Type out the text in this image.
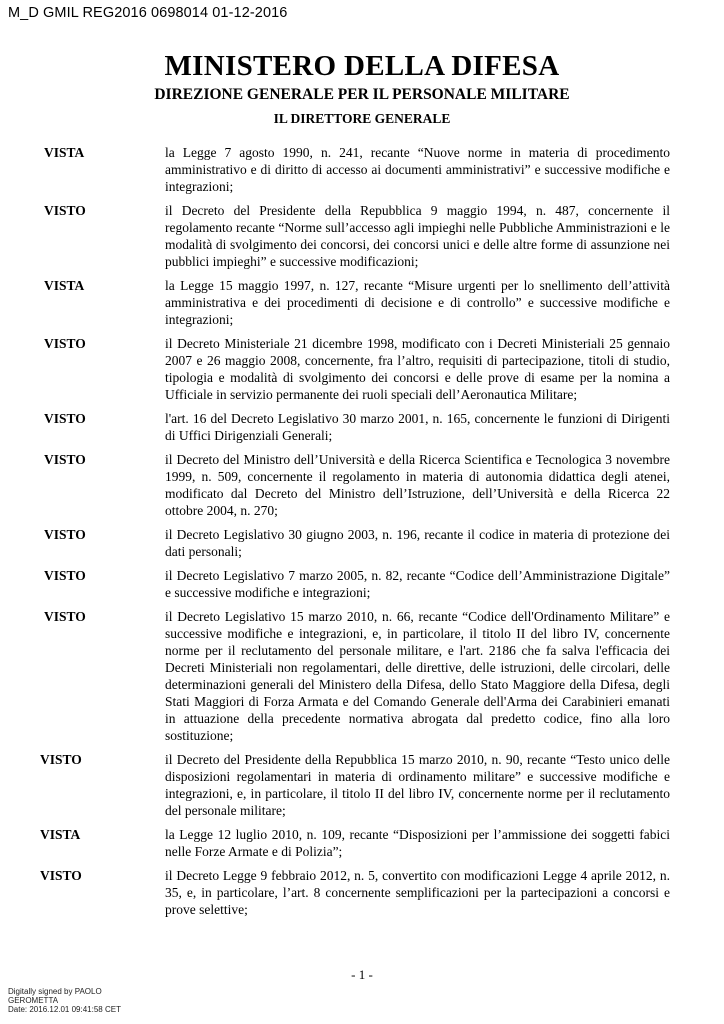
M_D GMIL REG2016 0698014 01-12-2016
MINISTERO DELLA DIFESA
DIREZIONE GENERALE PER IL PERSONALE MILITARE
IL DIRETTORE GENERALE
VISTA	la Legge 7 agosto 1990, n. 241, recante “Nuove norme in materia di procedimento amministrativo e di diritto di accesso ai documenti amministrativi” e successive modifiche e integrazioni;
VISTO	il Decreto del Presidente della Repubblica 9 maggio 1994, n. 487, concernente il regolamento recante “Norme sull’accesso agli impieghi nelle Pubbliche Amministrazioni e le modalità di svolgimento dei concorsi, dei concorsi unici e delle altre forme di assunzione nei pubblici impieghi” e successive modificazioni;
VISTA	la Legge 15 maggio 1997, n. 127, recante “Misure urgenti per lo snellimento dell’attività amministrativa e dei procedimenti di decisione e di controllo” e successive modifiche e integrazioni;
VISTO	il Decreto Ministeriale 21 dicembre 1998, modificato con i Decreti Ministeriali 25 gennaio 2007 e 26 maggio 2008, concernente, fra l’altro, requisiti di partecipazione, titoli di studio, tipologia e modalità di svolgimento dei concorsi e delle prove di esame per la nomina a Ufficiale in servizio permanente dei ruoli speciali dell’Aeronautica Militare;
VISTO	l'art. 16 del Decreto Legislativo 30 marzo 2001, n. 165, concernente le funzioni di Dirigenti di Uffici Dirigenziali Generali;
VISTO	il Decreto del Ministro dell’Università e della Ricerca Scientifica e Tecnologica 3 novembre 1999, n. 509, concernente il regolamento in materia di autonomia didattica degli atenei, modificato dal Decreto del Ministro dell’Istruzione, dell’Università e della Ricerca 22 ottobre 2004, n. 270;
VISTO	il Decreto Legislativo 30 giugno 2003, n. 196, recante il codice in materia di protezione dei dati personali;
VISTO	il Decreto Legislativo 7 marzo 2005, n. 82, recante “Codice dell’Amministrazione Digitale” e successive modifiche e integrazioni;
VISTO	il Decreto Legislativo 15 marzo 2010, n. 66, recante “Codice dell'Ordinamento Militare” e successive modifiche e integrazioni, e, in particolare, il titolo II del libro IV, concernente norme per il reclutamento del personale militare, e l'art. 2186 che fa salva l'efficacia dei Decreti Ministeriali non regolamentari, delle direttive, delle istruzioni, delle circolari, delle determinazioni generali del Ministero della Difesa, dello Stato Maggiore della Difesa, degli Stati Maggiori di Forza Armata e del Comando Generale dell'Arma dei Carabinieri emanati in attuazione della precedente normativa abrogata dal predetto codice, fino alla loro sostituzione;
VISTO	il Decreto del Presidente della Repubblica 15 marzo 2010, n. 90, recante “Testo unico delle disposizioni regolamentari in materia di ordinamento militare” e successive modifiche e integrazioni, e, in particolare, il titolo II del libro IV, concernente norme per il reclutamento del personale militare;
VISTA	la Legge 12 luglio 2010, n. 109, recante “Disposizioni per l’ammissione dei soggetti fabici nelle Forze Armate e di Polizia”;
VISTO	il Decreto Legge 9 febbraio 2012, n. 5, convertito con modificazioni Legge 4 aprile 2012, n. 35, e, in particolare, l’art. 8 concernente semplificazioni per la partecipazioni a concorsi e prove selettive;
- 1 -
Digitally signed by PAOLO
GEROMETTA
Date: 2016.12.01 09:41:58 CET
